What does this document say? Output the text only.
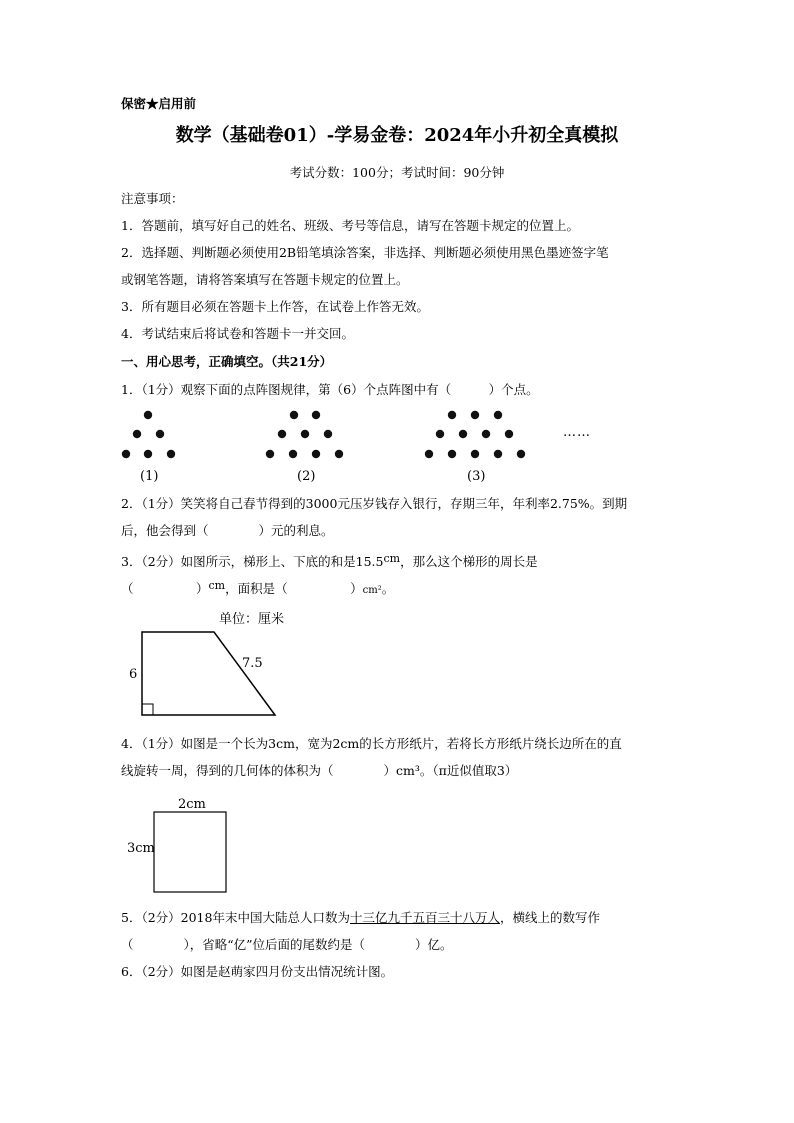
保密★启用前
数学（基础卷01）-学易金卷：2024年小升初全真模拟
考试分数：100分；考试时间：90分钟
注意事项：
1．答题前，填写好自己的姓名、班级、考号等信息，请写在答题卡规定的位置上。
2．选择题、判断题必须使用2B铅笔填涂答案，非选择、判断题必须使用黑色墨迹签字笔
或钢笔答题，请将答案填写在答题卡规定的位置上。
3．所有题目必须在答题卡上作答，在试卷上作答无效。
4．考试结束后将试卷和答题卡一并交回。
一、用心思考，正确填空。（共21分）
1．（1分）观察下面的点阵图规律，第（6）个点阵图中有（　　　）个点。
(1)	(2)	(3)
……
2．（1分）笑笑将自己春节得到的3000元压岁钱存入银行，存期三年，年利率2.75%。到期
后，他会得到（　　　　）元的利息。
3．（2分）如图所示，梯形上、下底的和是15.5cm，那么这个梯形的周长是
（　　　　　）cm，面积是（　　　　　）cm²。
单位：厘米
6
7.5
4．（1分）如图是一个长为3cm，宽为2cm的长方形纸片，若将长方形纸片绕长边所在的直
线旋转一周，得到的几何体的体积为（　　　　）cm³。（π近似值取3）
2cm
3cm
5．（2分）2018年末中国大陆总人口数为十三亿九千五百三十八万人，横线上的数写作
（　　　　），省略“亿”位后面的尾数约是（　　　　）亿。
6．（2分）如图是赵萌家四月份支出情况统计图。
